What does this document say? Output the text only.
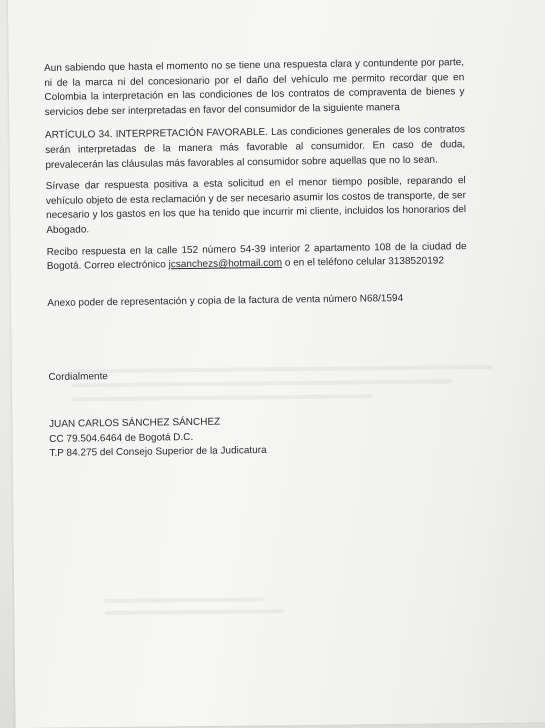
Aun sabiendo que hasta el momento no se tiene una respuesta clara y contundente por parte, ni de la marca ni del concesionario por el daño del vehículo me permito recordar que en Colombia la interpretación en las condiciones de los contratos de compraventa de bienes y servicios debe ser interpretadas en favor del consumidor de la siguiente manera

ARTÍCULO 34. INTERPRETACIÓN FAVORABLE. Las condiciones generales de los contratos serán interpretadas de la manera más favorable al consumidor. En caso de duda, prevalecerán las cláusulas más favorables al consumidor sobre aquellas que no lo sean.

Sírvase dar respuesta positiva a esta solicitud en el menor tiempo posible, reparando el vehículo objeto de esta reclamación y de ser necesario asumir los costos de transporte, de ser necesario y los gastos en los que ha tenido que incurrir mi cliente, incluidos los honorarios del Abogado.

Recibo respuesta en la calle 152 número 54-39 interior 2 apartamento 108 de la ciudad de Bogotá. Correo electrónico jcsanchezs@hotmail.com o en el teléfono celular 3138520192

Anexo poder de representación y copia de la factura de venta número N68/1594

Cordialmente

JUAN CARLOS SÁNCHEZ SÁNCHEZ
CC 79.504.6464 de Bogotá D.C.
T.P 84.275 del Consejo Superior de la Judicatura
